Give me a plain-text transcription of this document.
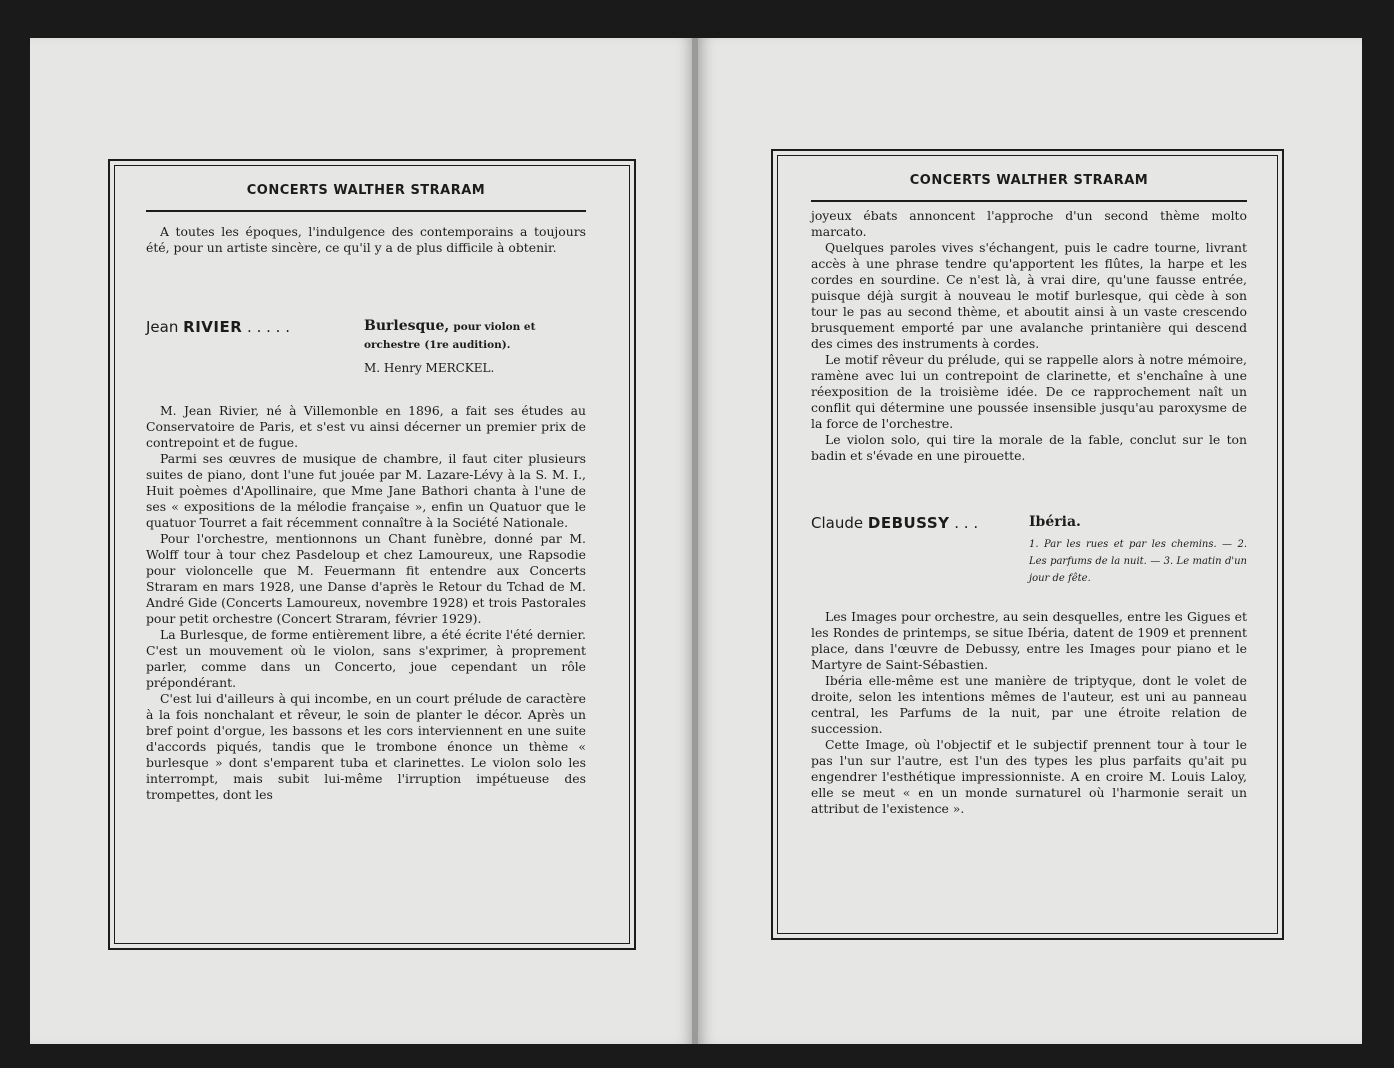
CONCERTS WALTHER STRARAM

A toutes les époques, l'indulgence des contemporains a toujours été, pour un artiste sincère, ce qu'il y a de plus difficile à obtenir.

Jean RIVIER . . . . .	Burlesque, pour violon et orchestre (1re audition).
M. Henry MERCKEL.

M. Jean Rivier, né à Villemonble en 1896, a fait ses études au Conservatoire de Paris, et s'est vu ainsi décerner un premier prix de contrepoint et de fugue.

Parmi ses œuvres de musique de chambre, il faut citer plusieurs suites de piano, dont l'une fut jouée par M. Lazare-Lévy à la S. M. I., Huit poèmes d'Apollinaire, que Mme Jane Bathori chanta à l'une de ses « expositions de la mélodie française », enfin un Quatuor que le quatuor Tourret a fait récemment connaître à la Société Nationale.

Pour l'orchestre, mentionnons un Chant funèbre, donné par M. Wolff tour à tour chez Pasdeloup et chez Lamoureux, une Rapsodie pour violoncelle que M. Feuermann fit entendre aux Concerts Straram en mars 1928, une Danse d'après le Retour du Tchad de M. André Gide (Concerts Lamoureux, novembre 1928) et trois Pastorales pour petit orchestre (Concert Straram, février 1929).

La Burlesque, de forme entièrement libre, a été écrite l'été dernier. C'est un mouvement où le violon, sans s'exprimer, à proprement parler, comme dans un Concerto, joue cependant un rôle prépondérant.

C'est lui d'ailleurs à qui incombe, en un court prélude de caractère à la fois nonchalant et rêveur, le soin de planter le décor. Après un bref point d'orgue, les bassons et les cors interviennent en une suite d'accords piqués, tandis que le trombone énonce un thème « burlesque » dont s'emparent tuba et clarinettes. Le violon solo les interrompt, mais subit lui-même l'irruption impétueuse des trompettes, dont les

CONCERTS WALTHER STRARAM

joyeux ébats annoncent l'approche d'un second thème molto marcato.

Quelques paroles vives s'échangent, puis le cadre tourne, livrant accès à une phrase tendre qu'apportent les flûtes, la harpe et les cordes en sourdine. Ce n'est là, à vrai dire, qu'une fausse entrée, puisque déjà surgit à nouveau le motif burlesque, qui cède à son tour le pas au second thème, et aboutit ainsi à un vaste crescendo brusquement emporté par une avalanche printanière qui descend des cimes des instruments à cordes.

Le motif rêveur du prélude, qui se rappelle alors à notre mémoire, ramène avec lui un contrepoint de clarinette, et s'enchaîne à une réexposition de la troisième idée. De ce rapprochement naît un conflit qui détermine une poussée insensible jusqu'au paroxysme de la force de l'orchestre.

Le violon solo, qui tire la morale de la fable, conclut sur le ton badin et s'évade en une pirouette.

Claude DEBUSSY . . .	Ibéria.
1. Par les rues et par les chemins. — 2. Les parfums de la nuit. — 3. Le matin d'un jour de fête.

Les Images pour orchestre, au sein desquelles, entre les Gigues et les Rondes de printemps, se situe Ibéria, datent de 1909 et prennent place, dans l'œuvre de Debussy, entre les Images pour piano et le Martyre de Saint-Sébastien.

Ibéria elle-même est une manière de triptyque, dont le volet de droite, selon les intentions mêmes de l'auteur, est uni au panneau central, les Parfums de la nuit, par une étroite relation de succession.

Cette Image, où l'objectif et le subjectif prennent tour à tour le pas l'un sur l'autre, est l'un des types les plus parfaits qu'ait pu engendrer l'esthétique impressionniste. A en croire M. Louis Laloy, elle se meut « en un monde surnaturel où l'harmonie serait un attribut de l'existence ».
